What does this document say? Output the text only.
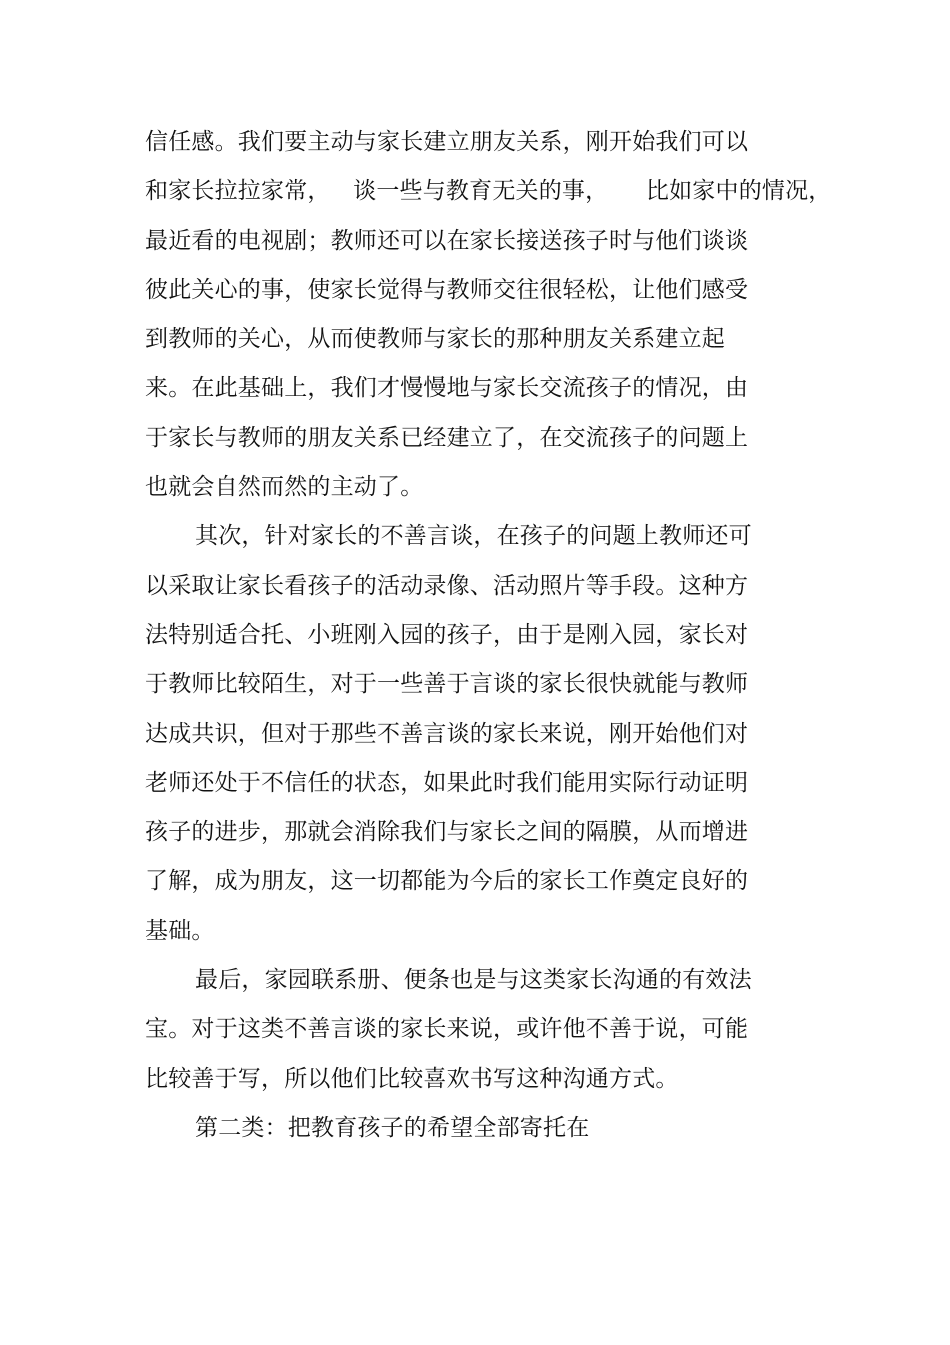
信任感。我们要主动与家长建立朋友关系，刚开始我们可以
和家长拉拉家常，   谈一些与教育无关的事，     比如家中的情况，
最近看的电视剧；教师还可以在家长接送孩子时与他们谈谈
彼此关心的事，使家长觉得与教师交往很轻松，让他们感受
到教师的关心，从而使教师与家长的那种朋友关系建立起
来。在此基础上，我们才慢慢地与家长交流孩子的情况，由
于家长与教师的朋友关系已经建立了，在交流孩子的问题上
也就会自然而然的主动了。
其次，针对家长的不善言谈，在孩子的问题上教师还可
以采取让家长看孩子的活动录像、活动照片等手段。这种方
法特别适合托、小班刚入园的孩子，由于是刚入园，家长对
于教师比较陌生，对于一些善于言谈的家长很快就能与教师
达成共识，但对于那些不善言谈的家长来说，刚开始他们对
老师还处于不信任的状态，如果此时我们能用实际行动证明
孩子的进步，那就会消除我们与家长之间的隔膜，从而增进
了解，成为朋友，这一切都能为今后的家长工作奠定良好的
基础。
最后，家园联系册、便条也是与这类家长沟通的有效法
宝。对于这类不善言谈的家长来说，或许他不善于说，可能
比较善于写，所以他们比较喜欢书写这种沟通方式。
第二类：把教育孩子的希望全部寄托在
